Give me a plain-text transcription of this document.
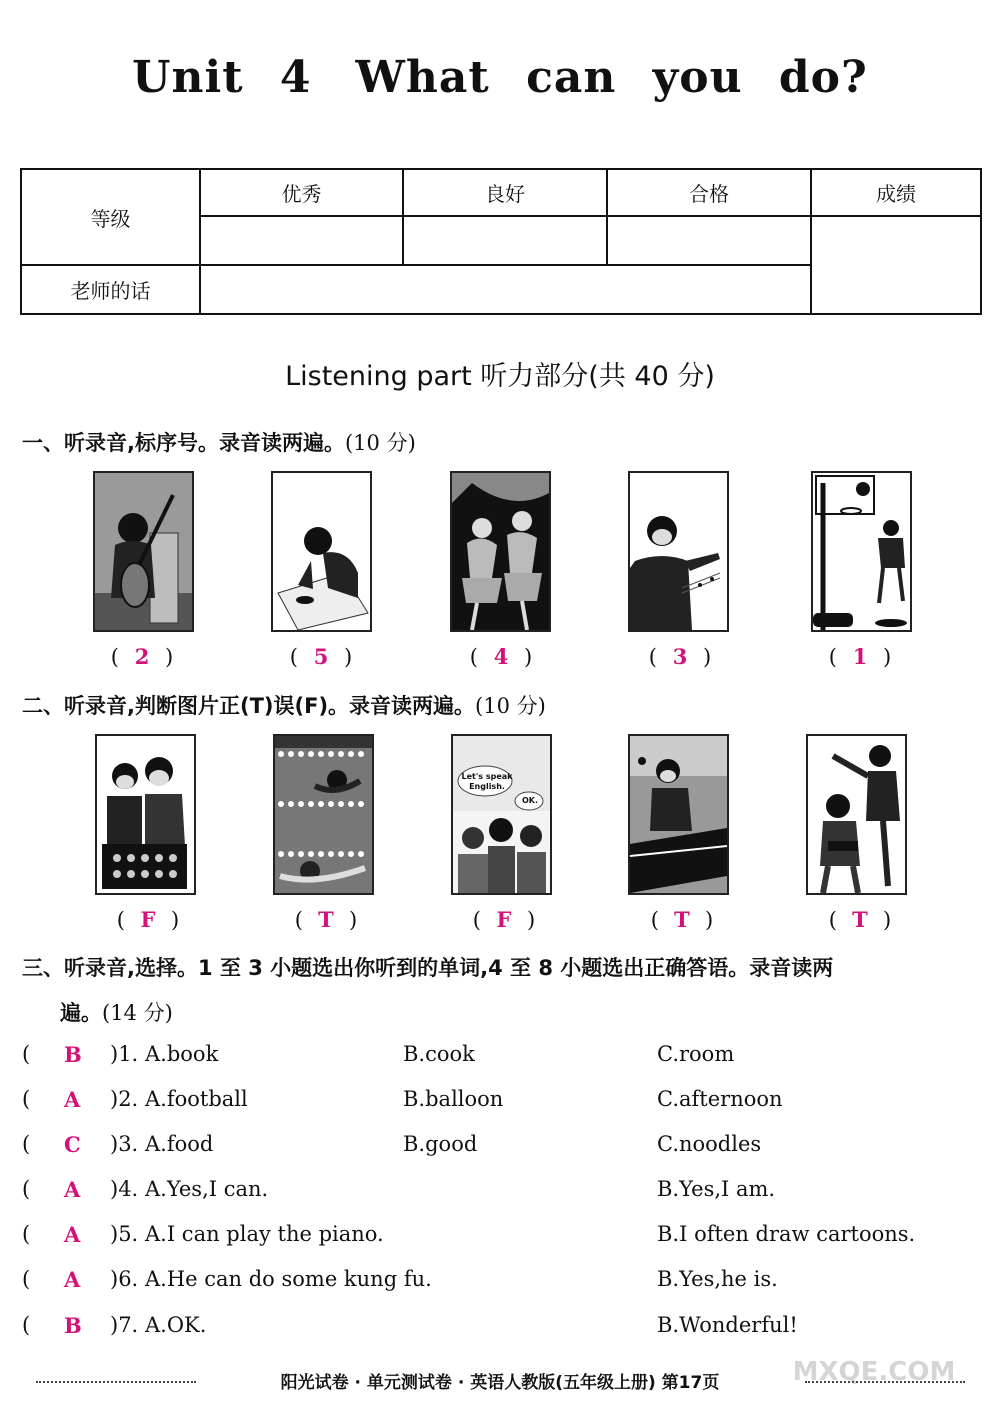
Unit 4 What can you do?
等级	优秀	良好	合格	成绩

老师的话				
Listening part 听力部分(共 40 分)
一、听录音,标序号。录音读两遍。(10 分)
( 2 )	( 5 )	( 4 )	( 3 )	( 1 )
二、听录音,判断图片正(T)误(F)。录音读两遍。(10 分)
Let's speak English.
OK.
( F )	( T )	( F )	( T )	( T )
三、听录音,选择。1 至 3 小题选出你听到的单词,4 至 8 小题选出正确答语。录音读两
遍。(14 分)
( B )1. A.book	B.cook	C.room
( A )2. A.football	B.balloon	C.afternoon
( C )3. A.food	B.good	C.noodles
( A )4. A.Yes,I can.	B.Yes,I am.
( A )5. A.I can play the piano.	B.I often draw cartoons.
( A )6. A.He can do some kung fu.	B.Yes,he is.
( B )7. A.OK.	B.Wonderful!
阳光试卷 · 单元测试卷 · 英语人教版(五年级上册) 第17页	MXQE.COM
